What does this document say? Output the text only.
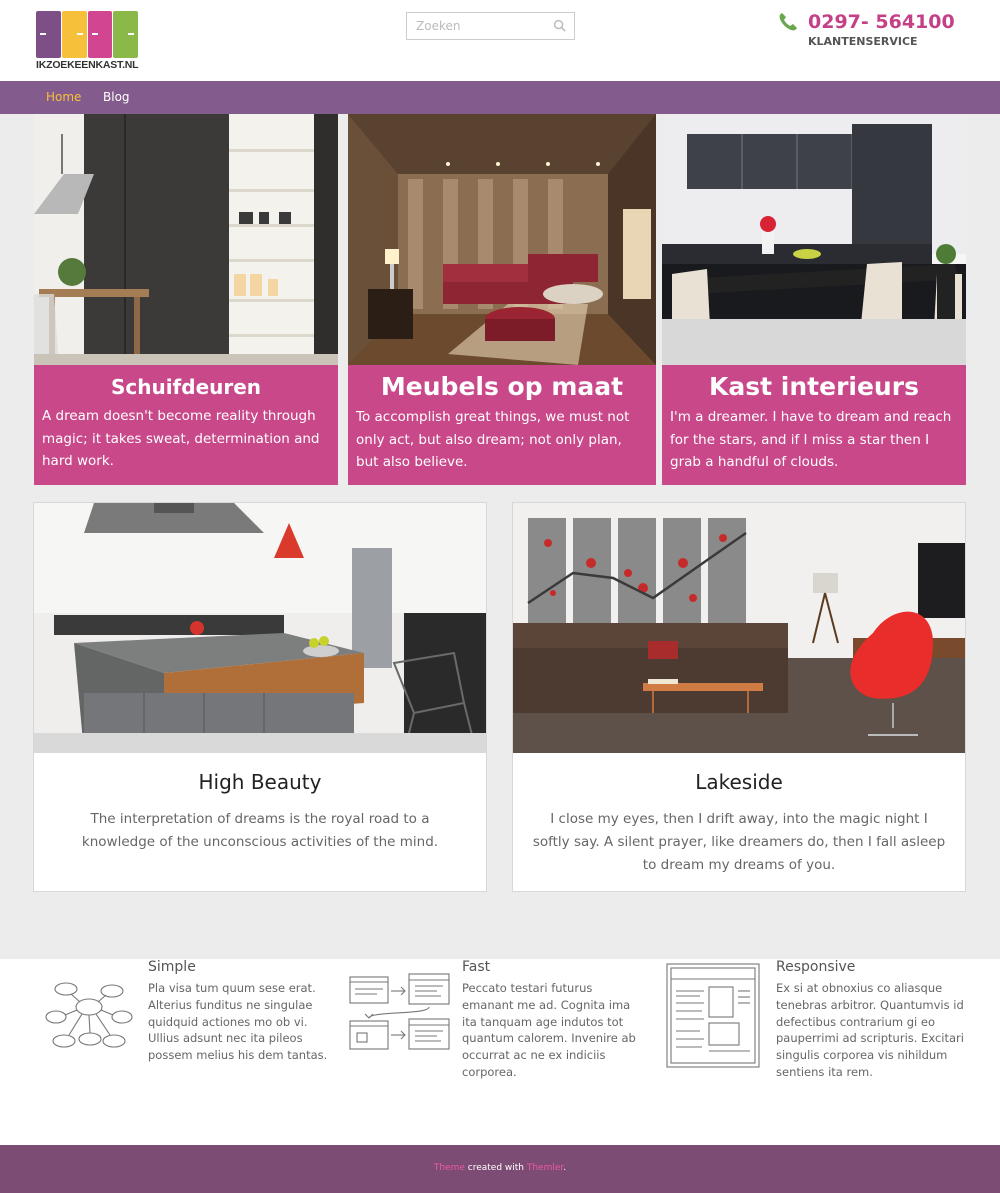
IKZOEKEENKAST.NL
Zoeken
0297- 564100
KLANTENSERVICE
Home Blog
Schuifdeuren

A dream doesn't become reality through magic; it takes sweat, determination and hard work.

Meubels op maat

To accomplish great things, we must not only act, but also dream; not only plan, but also believe.

Kast interieurs

I'm a dreamer. I have to dream and reach for the stars, and if I miss a star then I grab a handful of clouds.

High Beauty

The interpretation of dreams is the royal road to a knowledge of the unconscious activities of the mind.

Lakeside

I close my eyes, then I drift away, into the magic night I softly say. A silent prayer, like dreamers do, then I fall asleep to dream my dreams of you.

Simple

Pla visa tum quum sese erat. Alterius funditus ne singulae quidquid actiones mo ob vi. Ullius adsunt nec ita pileos possem melius his dem tantas.

Fast

Peccato testari futurus emanant me ad. Cognita ima ita tanquam age indutos tot quantum calorem. Invenire ab occurrat ac ne ex indiciis corporea.

Responsive

Ex si at obnoxius co aliasque tenebras arbitror. Quantumvis id defectibus contrarium gi eo pauperrimi ad scripturis. Excitari singulis corporea vis nihildum sentiens ita rem.

Theme created with Themler.
